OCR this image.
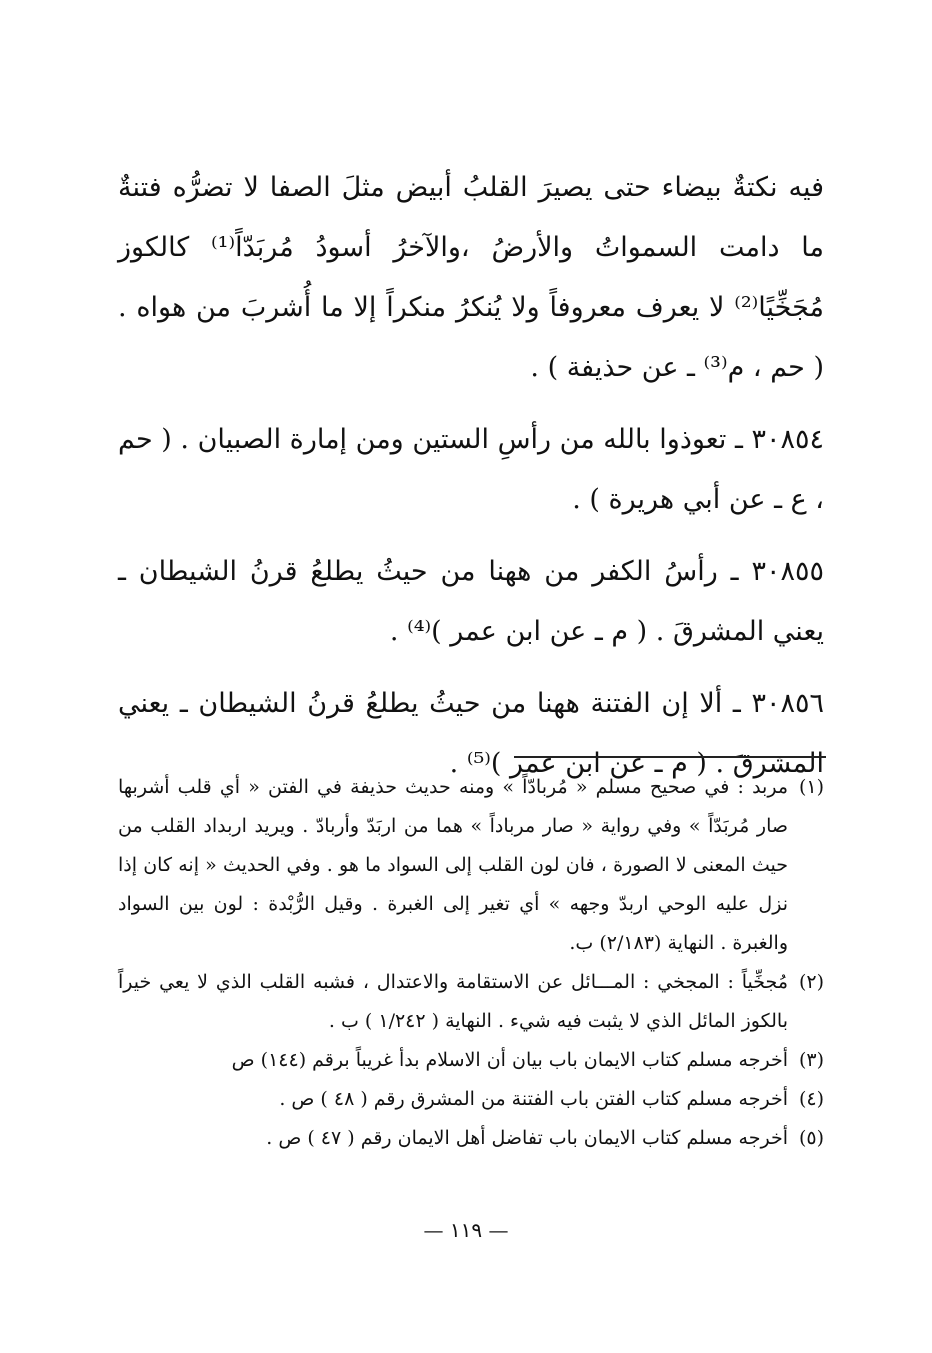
فيه نكتةٌ بيضاء حتى يصيرَ القلبُ أبيض مثلَ الصفا لا تضرُّه فتنةٌ ما دامت السمواتُ والأرضُ ،والآخرُ أسودُ مُربَدّاً⁽¹⁾ كالكوز مُجَخِّيًا⁽²⁾ لا يعرف معروفاً ولا يُنكرُ منكراً إلا ما أُشربَ من هواه . ( حم ، م⁽³⁾ ـ عن حذيفة ) .

٣٠٨٥٤ ـ تعوذوا بالله من رأسِ الستين ومن إمارة الصبيان . ( حم ، ع ـ عن أبي هريرة ) .

٣٠٨٥٥ ـ رأسُ الكفر من ههنا من حيثُ يطلعُ قرنُ الشيطان ـ يعني المشرقَ . ( م ـ عن ابن عمر )⁽⁴⁾ .

٣٠٨٥٦ ـ ألا إن الفتنة ههنا من حيثُ يطلعُ قرنُ الشيطان ـ يعني المشرقَ . ( م ـ عن ابن عمر )⁽⁵⁾ .

(١)
مربد : في صحيح مسلم « مُربادّاً » ومنه حديث حذيفة في الفتن « أي قلب أشربها صار مُربَدّاً » وفي رواية « صار مرباداً » هما من اربَدّ وأربادّ . ويريد اربداد القلب من حيث المعنى لا الصورة ، فان لون القلب إلى السواد ما هو . وفي الحديث « إنه كان إذا نزل عليه الوحي اربدّ وجهه » أي تغير إلى الغبرة . وقيل الرُّبْدة : لون بين السواد والغبرة . النهاية (٢/١٨٣) ب.

(٢)
مُجخِّياً : المجخي : المـــائل عن الاستقامة والاعتدال ، فشبه القلب الذي لا يعي خيراً بالكوز المائل الذي لا يثبت فيه شيء . النهاية ( ١/٢٤٢ ) ب .

(٣)
أخرجه مسلم كتاب الايمان باب بيان أن الاسلام بدأ غريباً برقم (١٤٤) ص

(٤)
أخرجه مسلم كتاب الفتن باب الفتنة من المشرق رقم ( ٤٨ ) ص .

(٥)
أخرجه مسلم كتاب الايمان باب تفاضل أهل الايمان رقم ( ٤٧ ) ص .

— ١١٩ —
